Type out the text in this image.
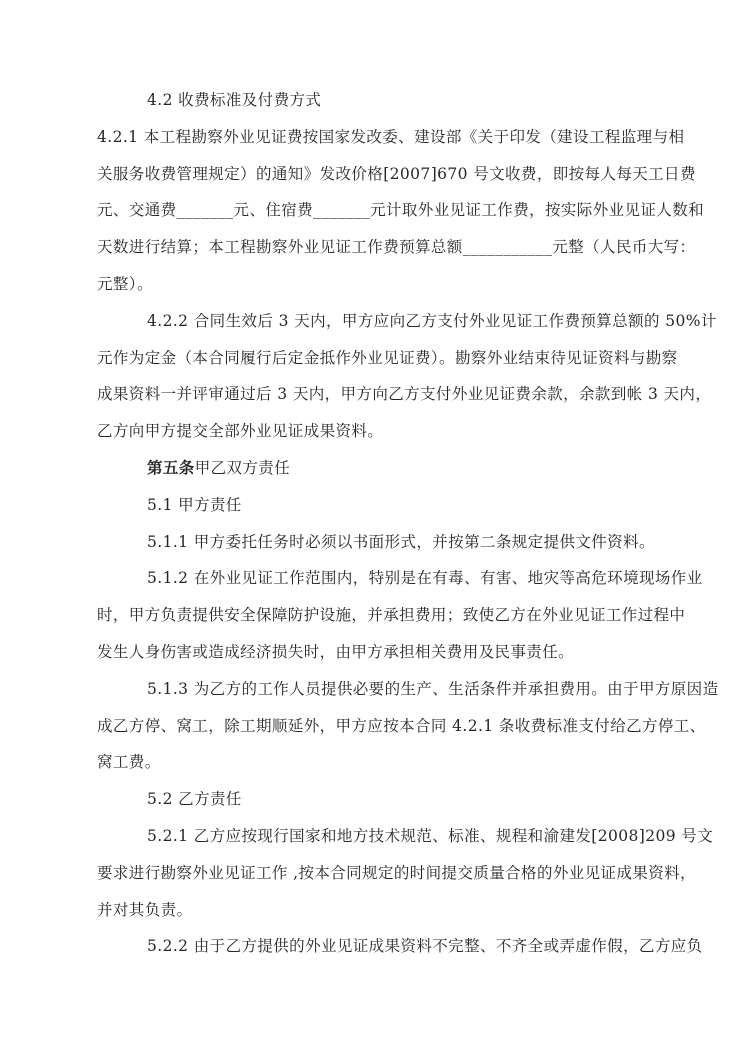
4.2 收费标准及付费方式
4.2.1 本工程勘察外业见证费按国家发改委、建设部《关于印发（建设工程监理与相
关服务收费管理规定）的通知》发改价格[2007]670 号文收费，即按每人每天工日费
元、交通费_______元、住宿费_______元计取外业见证工作费，按实际外业见证人数和
天数进行结算；本工程勘察外业见证工作费预算总额___________元整（人民币大写：
元整）。
4.2.2 合同生效后 3 天内，甲方应向乙方支付外业见证工作费预算总额的 50%计
元作为定金（本合同履行后定金抵作外业见证费）。勘察外业结束待见证资料与勘察
成果资料一并评审通过后 3 天内，甲方向乙方支付外业见证费余款，余款到帐 3 天内，
乙方向甲方提交全部外业见证成果资料。
第五条甲乙双方责任
5.1 甲方责任
5.1.1 甲方委托任务时必须以书面形式，并按第二条规定提供文件资料。
5.1.2 在外业见证工作范围内，特别是在有毒、有害、地灾等高危环境现场作业
时，甲方负责提供安全保障防护设施，并承担费用；致使乙方在外业见证工作过程中
发生人身伤害或造成经济损失时，由甲方承担相关费用及民事责任。
5.1.3 为乙方的工作人员提供必要的生产、生活条件并承担费用。由于甲方原因造
成乙方停、窝工，除工期顺延外，甲方应按本合同 4.2.1 条收费标准支付给乙方停工、
窝工费。
5.2 乙方责任
5.2.1 乙方应按现行国家和地方技术规范、标准、规程和渝建发[2008]209 号文
要求进行勘察外业见证工作 ,按本合同规定的时间提交质量合格的外业见证成果资料，
并对其负责。
5.2.2 由于乙方提供的外业见证成果资料不完整、不齐全或弄虚作假，乙方应负
